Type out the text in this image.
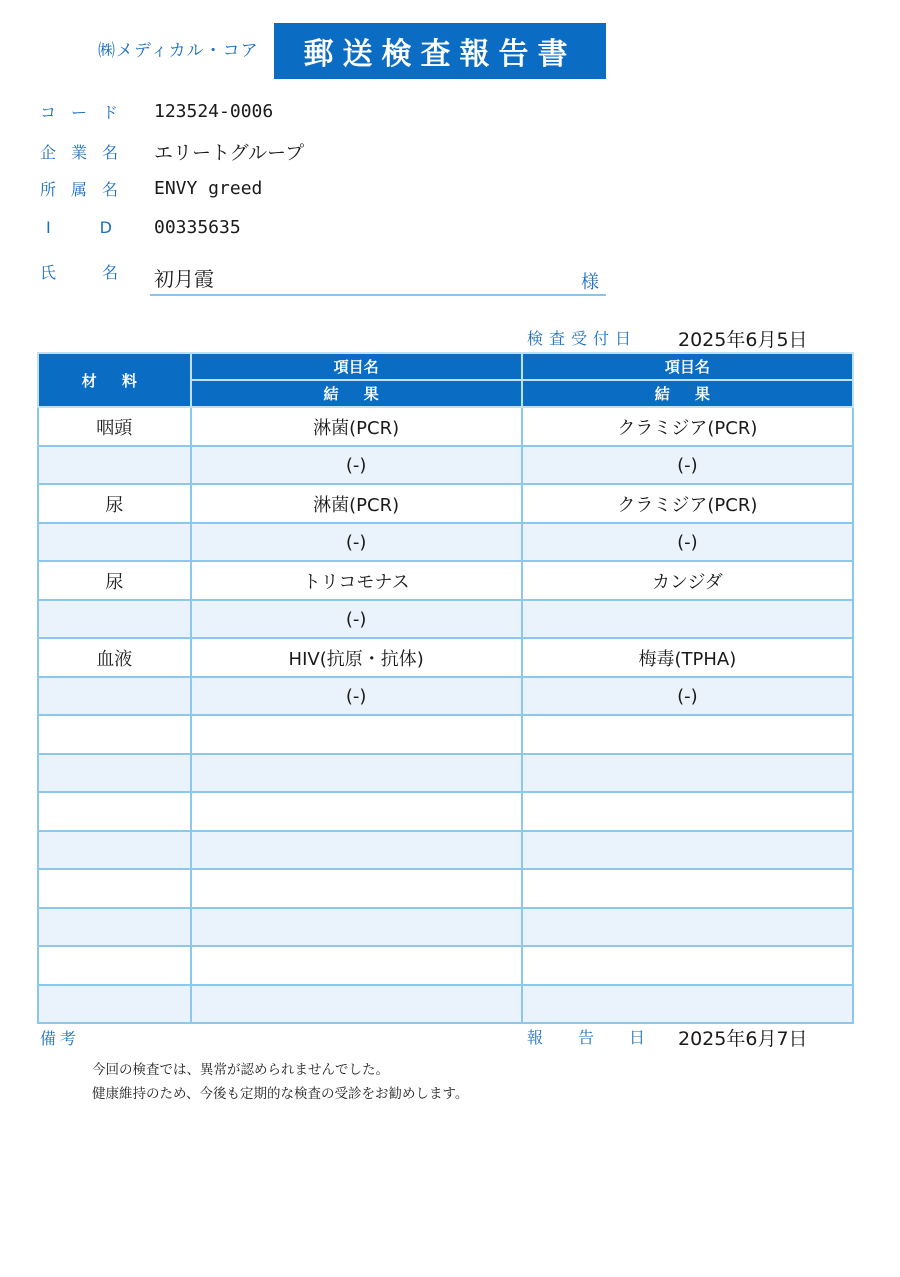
㈱メディカル・コア	郵送検査報告書
コ ー ド 123524-0006
企 業 名 エリートグループ
所 属 名 ENVY greed
I	D 00335635
氏	名 初月霞	様
検査受付日 2025年6月5日
材 料	項目名	項目名
	結 果	結 果
咽頭	淋菌(PCR)	クラミジア(PCR)
	(-)	(-)
尿	淋菌(PCR)	クラミジア(PCR)
	(-)	(-)
尿	トリコモナス	カンジダ
	(-)	
血液	HIV(抗原・抗体)	梅毒(TPHA)
	(-)	(-)

備考	報 告 日 2025年6月7日
今回の検査では、異常が認められませんでした。
健康維持のため、今後も定期的な検査の受診をお勧めします。
